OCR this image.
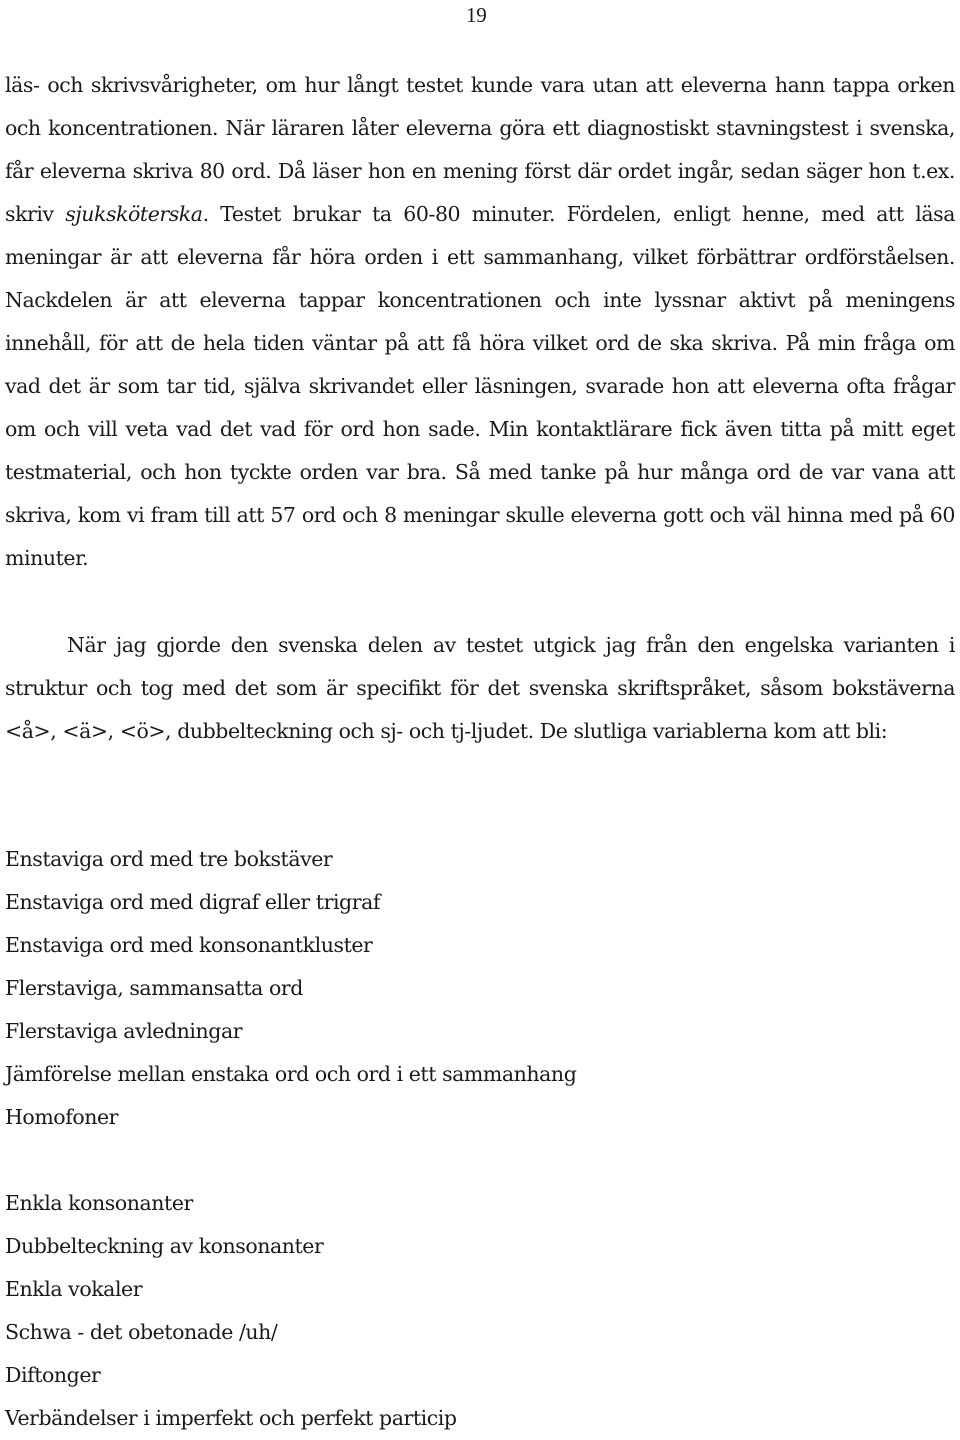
19

läs- och skrivsvårigheter, om hur långt testet kunde vara utan att eleverna hann tappa orken och koncentrationen. När läraren låter eleverna göra ett diagnostiskt stavningstest i svenska, får eleverna skriva 80 ord. Då läser hon en mening först där ordet ingår, sedan säger hon t.ex. skriv sjuksköterska. Testet brukar ta 60-80 minuter. Fördelen, enligt henne, med att läsa meningar är att eleverna får höra orden i ett sammanhang, vilket förbättrar ordförståelsen. Nackdelen är att eleverna tappar koncentrationen och inte lyssnar aktivt på meningens innehåll, för att de hela tiden väntar på att få höra vilket ord de ska skriva. På min fråga om vad det är som tar tid, själva skrivandet eller läsningen, svarade hon att eleverna ofta frågar om och vill veta vad det vad för ord hon sade. Min kontaktlärare fick även titta på mitt eget testmaterial, och hon tyckte orden var bra. Så med tanke på hur många ord de var vana att skriva, kom vi fram till att 57 ord och 8 meningar skulle eleverna gott och väl hinna med på 60 minuter.

När jag gjorde den svenska delen av testet utgick jag från den engelska varianten i struktur och tog med det som är specifikt för det svenska skriftspråket, såsom bokstäverna <å>, <ä>, <ö>, dubbelteckning och sj- och tj-ljudet. De slutliga variablerna kom att bli:

Enstaviga ord med tre bokstäver
Enstaviga ord med digraf eller trigraf
Enstaviga ord med konsonantkluster
Flerstaviga, sammansatta ord
Flerstaviga avledningar
Jämförelse mellan enstaka ord och ord i ett sammanhang
Homofoner
Enkla konsonanter
Dubbelteckning av konsonanter
Enkla vokaler
Schwa - det obetonade /uh/
Diftonger
Verbändelser i imperfekt och perfekt particip
